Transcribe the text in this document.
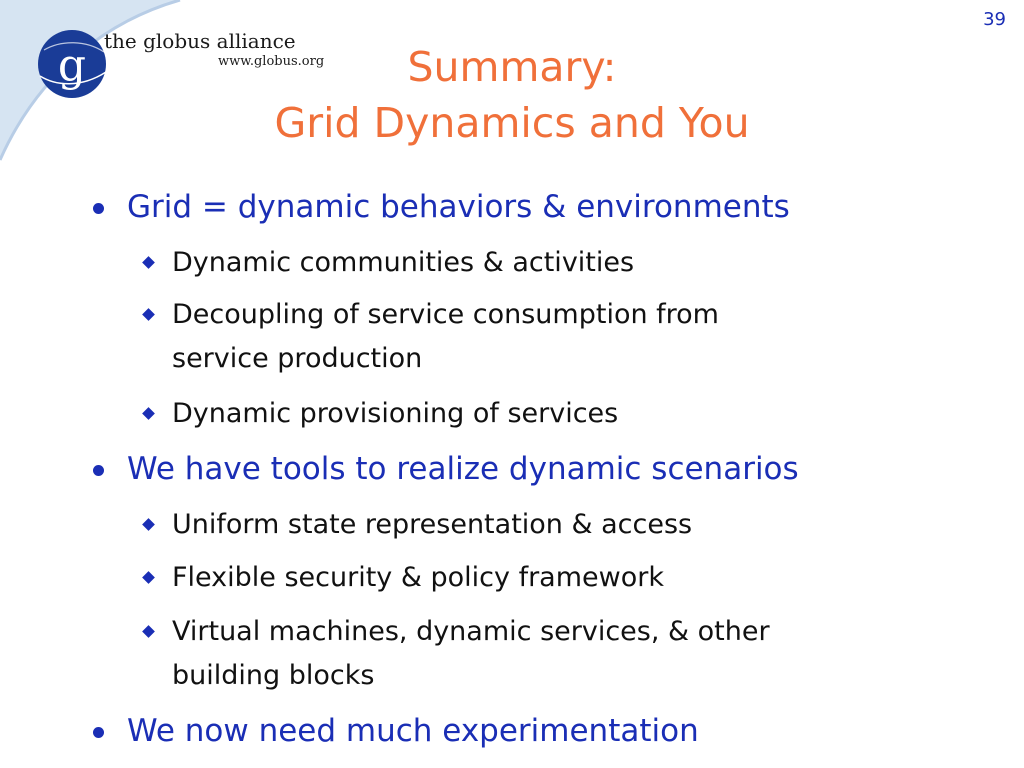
g the globus alliance
www.globus.org
39
Summary:
Grid Dynamics and You
Grid = dynamic behaviors & environments
Dynamic communities & activities
Decoupling of service consumption from
service production
Dynamic provisioning of services
We have tools to realize dynamic scenarios
Uniform state representation & access
Flexible security & policy framework
Virtual machines, dynamic services, & other
building blocks
We now need much experimentation
